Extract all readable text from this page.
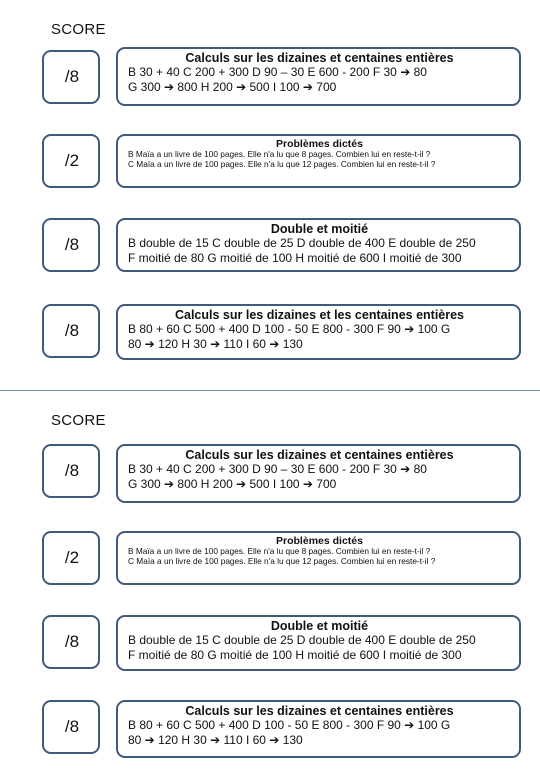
SCORE
/8
Calculs sur les dizaines et centaines entières
B 30 + 40 C 200 + 300 D 90 – 30 E 600 - 200 F 30 ➔ 80
G 300 ➔ 800 H 200 ➔ 500 I 100 ➔ 700
/2
Problèmes dictés
B Maïa a un livre de 100 pages. Elle n'a lu que 8 pages. Combien lui en reste-t-il ?
C Maïa a un livre de 100 pages. Elle n'a lu que 12 pages. Combien lui en reste-t-il ?
/8
Double et moitié
B double de 15 C double de 25 D double de 400 E double de 250
F moitié de 80 G moitié de 100 H moitié de 600 I moitié de 300
/8
Calculs sur les dizaines et les centaines entières
B 80 + 60 C 500 + 400 D 100 - 50 E 800 - 300 F 90 ➔ 100 G
80 ➔ 120 H 30 ➔ 110 I 60 ➔ 130
SCORE
/8
Calculs sur les dizaines et centaines entières
B 30 + 40 C 200 + 300 D 90 – 30 E 600 - 200 F 30 ➔ 80
G 300 ➔ 800 H 200 ➔ 500 I 100 ➔ 700
/2
Problèmes dictés
B Maïa a un livre de 100 pages. Elle n'a lu que 8 pages. Combien lui en reste-t-il ?
C Maïa a un livre de 100 pages. Elle n'a lu que 12 pages. Combien lui en reste-t-il ?
/8
Double et moitié
B double de 15 C double de 25 D double de 400 E double de 250
F moitié de 80 G moitié de 100 H moitié de 600 I moitié de 300
/8
Calculs sur les dizaines et centaines entières
B 80 + 60 C 500 + 400 D 100 - 50 E 800 - 300 F 90 ➔ 100 G
80 ➔ 120 H 30 ➔ 110 I 60 ➔ 130
